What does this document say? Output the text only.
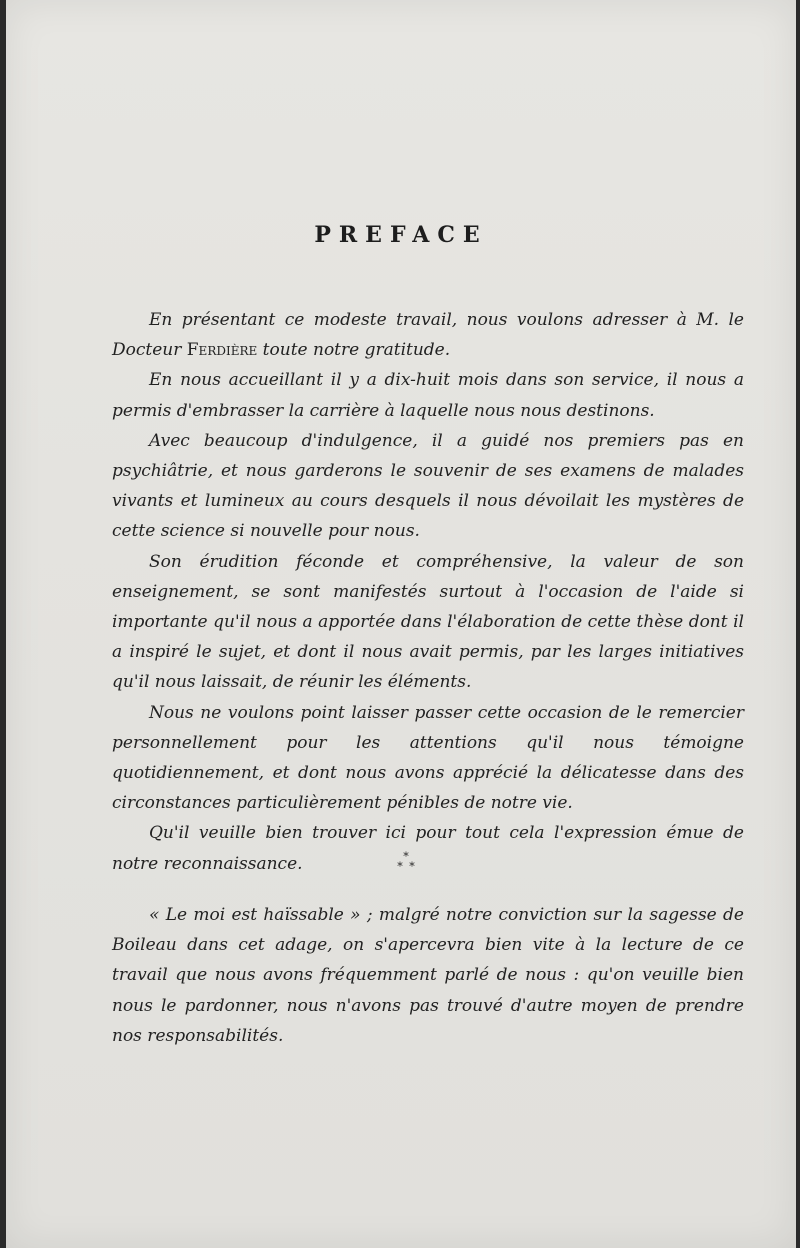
PREFACE

En présentant ce modeste travail, nous voulons adresser à M. le Docteur Ferdière toute notre gratitude.

En nous accueillant il y a dix-huit mois dans son service, il nous a permis d'embrasser la carrière à laquelle nous nous destinons.

Avec beaucoup d'indulgence, il a guidé nos premiers pas en psychiâtrie, et nous garderons le souvenir de ses examens de malades vivants et lumineux au cours desquels il nous dévoilait les mystères de cette science si nouvelle pour nous.

Son érudition féconde et compréhensive, la valeur de son enseignement, se sont manifestés surtout à l'occasion de l'aide si importante qu'il nous a apportée dans l'élaboration de cette thèse dont il a inspiré le sujet, et dont il nous avait permis, par les larges initiatives qu'il nous laissait, de réunir les éléments.

Nous ne voulons point laisser passer cette occasion de le remercier personnellement pour les attentions qu'il nous témoigne quotidiennement, et dont nous avons apprécié la délicatesse dans des circonstances particulièrement pénibles de notre vie.

Qu'il veuille bien trouver ici pour tout cela l'expression émue de notre reconnaissance.	*
* *

« Le moi est haïssable » ; malgré notre conviction sur la sagesse de Boileau dans cet adage, on s'apercevra bien vite à la lecture de ce travail que nous avons fréquemment parlé de nous : qu'on veuille bien nous le pardonner, nous n'avons pas trouvé d'autre moyen de prendre nos responsabilités.
